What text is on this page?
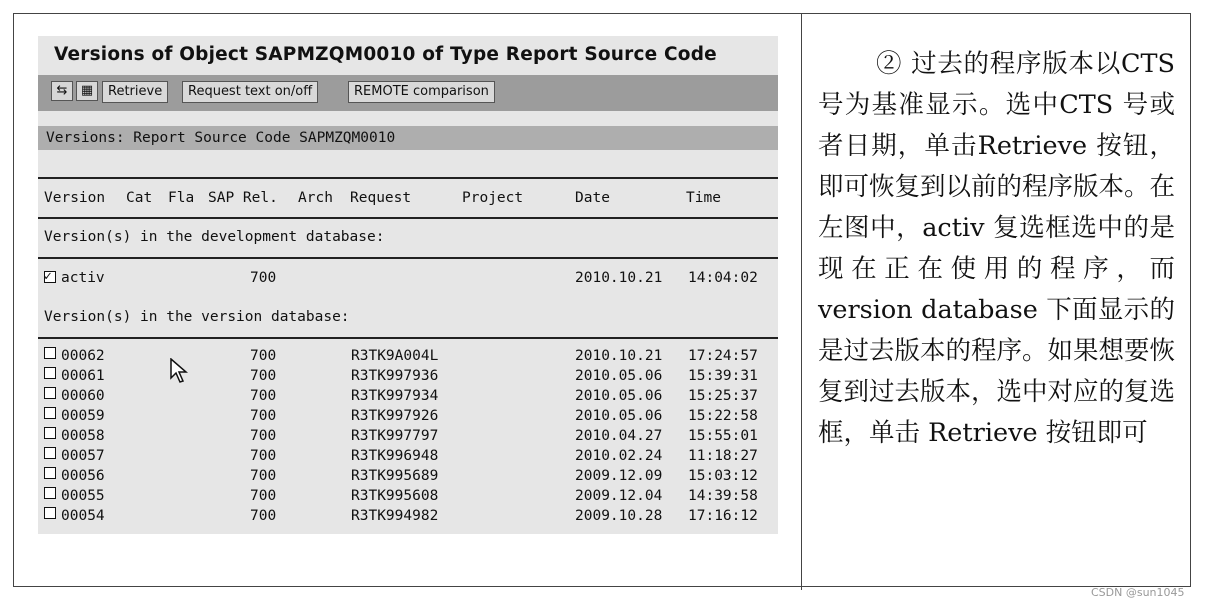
Versions of Object SAPMZQM0010 of Type Report Source Code
⇆	▦	Retrieve	Request text on/off	REMOTE comparison
Versions: Report Source Code SAPMZQM0010
Version Cat Fla SAP Rel. Arch Request	Project	Date	Time
Version(s) in the development database:
✓
activ	700	2010.10.21 14:04:02
Version(s) in the version database:
00062	700	R3TK9A004L	2010.10.21 17:24:57
00061	700	R3TK997936	2010.05.06 15:39:31
00060	700	R3TK997934	2010.05.06 15:25:37
00059	700	R3TK997926	2010.05.06 15:22:58
00058	700	R3TK997797	2010.04.27 15:55:01
00057	700	R3TK996948	2010.02.24 11:18:27
00056	700	R3TK995689	2009.12.09 15:03:12
00055	700	R3TK995608	2009.12.04 14:39:58
00054	700	R3TK994982	2009.10.28 17:16:12
② 过去的程序版本以CTS 号为基准显示。选中CTS 号或者日期，单击Retrieve 按钮，即可恢复到以前的程序版本。在左图中，activ 复选框选中的是现在正在使用的程序，而version database 下面显示的是过去版本的程序。如果想要恢复到过去版本，选中对应的复选框，单击 Retrieve 按钮即可
CSDN @sun1045
